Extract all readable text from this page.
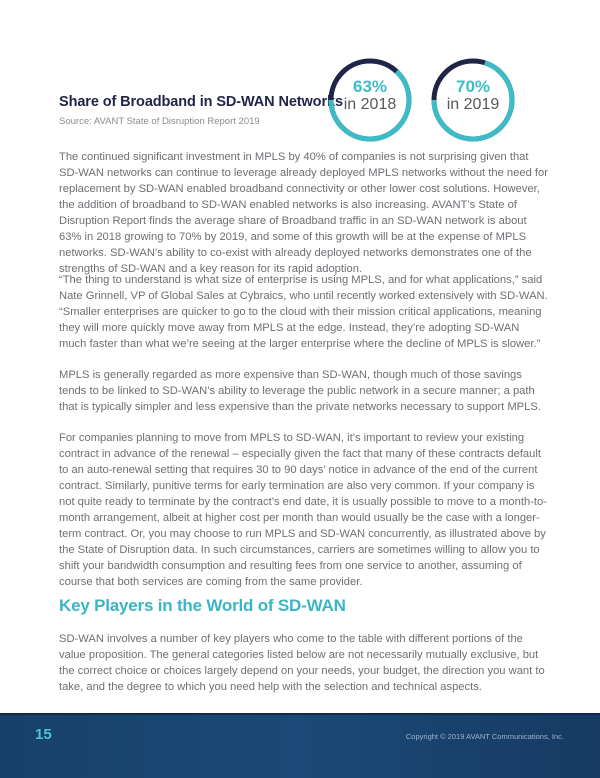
Share of Broadband in SD-WAN Networks
Source: AVANT State of Disruption Report 2019
63%
in 2018
70%
in 2019

The continued significant investment in MPLS by 40% of companies is not surprising given that SD-WAN networks can continue to leverage already deployed MPLS networks without the need for replacement by SD-WAN enabled broadband connectivity or other lower cost solutions. However, the addition of broadband to SD-WAN enabled networks is also increasing. AVANT’s State of Disruption Report finds the average share of Broadband traffic in an SD-WAN network is about 63% in 2018 growing to 70% by 2019, and some of this growth will be at the expense of MPLS networks. SD-WAN’s ability to co-exist with already deployed networks demonstrates one of the strengths of SD-WAN and a key reason for its rapid adoption.

“The thing to understand is what size of enterprise is using MPLS, and for what applications,” said Nate Grinnell, VP of Global Sales at Cybraics, who until recently worked extensively with SD-WAN. “Smaller enterprises are quicker to go to the cloud with their mission critical applications, meaning they will more quickly move away from MPLS at the edge. Instead, they’re adopting SD-WAN much faster than what we’re seeing at the larger enterprise where the decline of MPLS is slower.”

MPLS is generally regarded as more expensive than SD-WAN, though much of those savings tends to be linked to SD-WAN’s ability to leverage the public network in a secure manner; a path that is typically simpler and less expensive than the private networks necessary to support MPLS.

For companies planning to move from MPLS to SD-WAN, it’s important to review your existing contract in advance of the renewal – especially given the fact that many of these contracts default to an auto-renewal setting that requires 30 to 90 days’ notice in advance of the end of the current contract. Similarly, punitive terms for early termination are also very common. If your company is not quite ready to terminate by the contract’s end date, it is usually possible to move to a month-to-month arrangement, albeit at higher cost per month than would usually be the case with a longer-term contract. Or, you may choose to run MPLS and SD-WAN concurrently, as illustrated above by the State of Disruption data. In such circumstances, carriers are sometimes willing to allow you to shift your bandwidth consumption and resulting fees from one service to another, assuming of course that both services are coming from the same provider.

Key Players in the World of SD-WAN

SD-WAN involves a number of key players who come to the table with different portions of the value proposition. The general categories listed below are not necessarily mutually exclusive, but the correct choice or choices largely depend on your needs, your budget, the direction you want to take, and the degree to which you need help with the selection and technical aspects.

15	Copyright © 2019 AVANT Communications, Inc.
